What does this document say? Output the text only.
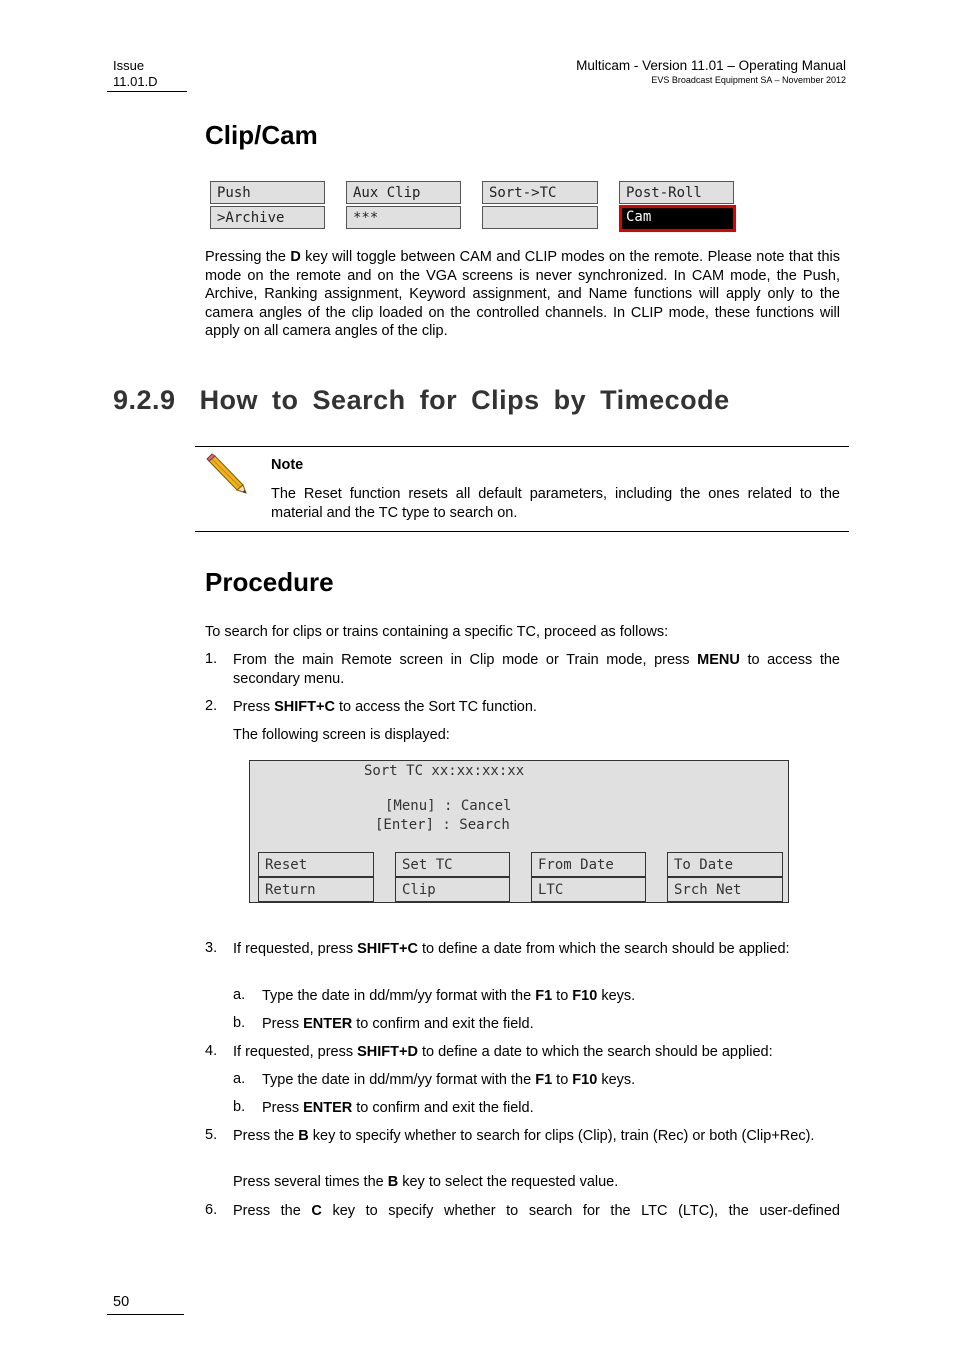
Issue
11.01.D
Multicam - Version 11.01 – Operating Manual
EVS Broadcast Equipment SA – November 2012
Clip/Cam
Push
>Archive
Aux Clip
***
Sort->TC	Post-Roll
Cam
Pressing the D key will toggle between CAM and CLIP modes on the remote. Please note that this mode on the remote and on the VGA screens is never synchronized. In CAM mode, the Push, Archive, Ranking assignment, Keyword assignment, and Name functions will apply only to the camera angles of the clip loaded on the controlled channels. In CLIP mode, these functions will apply on all camera angles of the clip.
9.2.9 How to Search for Clips by Timecode
Note
The Reset function resets all default parameters, including the ones related to the material and the TC type to search on.
Procedure
To search for clips or trains containing a specific TC, proceed as follows:
1. From the main Remote screen in Clip mode or Train mode, press MENU to access the secondary menu.
2. Press SHIFT+C to access the Sort TC function.
The following screen is displayed:
Sort TC xx:xx:xx:xx
[Menu] : Cancel
[Enter] : Search
Reset
Return
Set TC
Clip
From Date
LTC
To Date
Srch Net
3. If requested, press SHIFT+C to define a date from which the search should be applied:
a. Type the date in dd/mm/yy format with the F1 to F10 keys.
b. Press ENTER to confirm and exit the field.
4. If requested, press SHIFT+D to define a date to which the search should be applied:
a. Type the date in dd/mm/yy format with the F1 to F10 keys.
b. Press ENTER to confirm and exit the field.
5. Press the B key to specify whether to search for clips (Clip), train (Rec) or both (Clip+Rec).
Press several times the B key to select the requested value.
6. Press the C key to specify whether to search for the LTC (LTC), the user-defined
50
